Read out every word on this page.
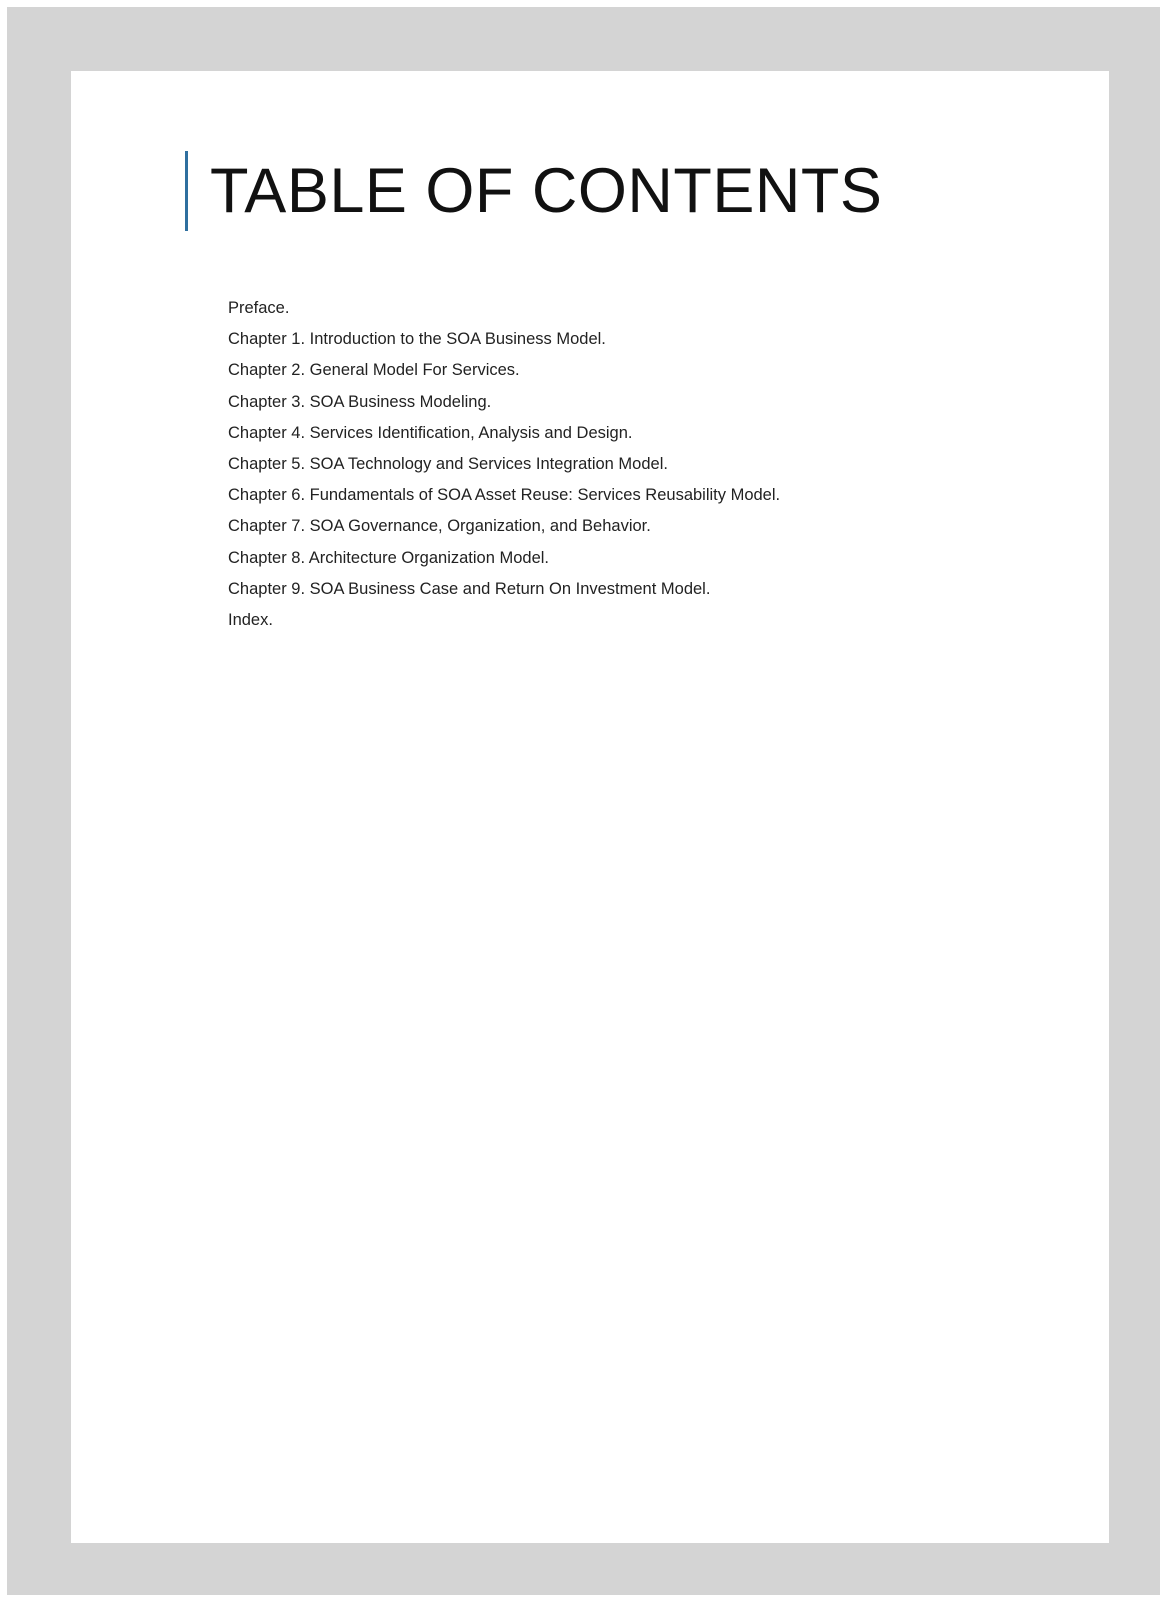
TABLE OF CONTENTS
Preface.
Chapter 1. Introduction to the SOA Business Model.
Chapter 2. General Model For Services.
Chapter 3. SOA Business Modeling.
Chapter 4. Services Identification, Analysis and Design.
Chapter 5. SOA Technology and Services Integration Model.
Chapter 6. Fundamentals of SOA Asset Reuse: Services Reusability Model.
Chapter 7. SOA Governance, Organization, and Behavior.
Chapter 8. Architecture Organization Model.
Chapter 9. SOA Business Case and Return On Investment Model.
Index.
